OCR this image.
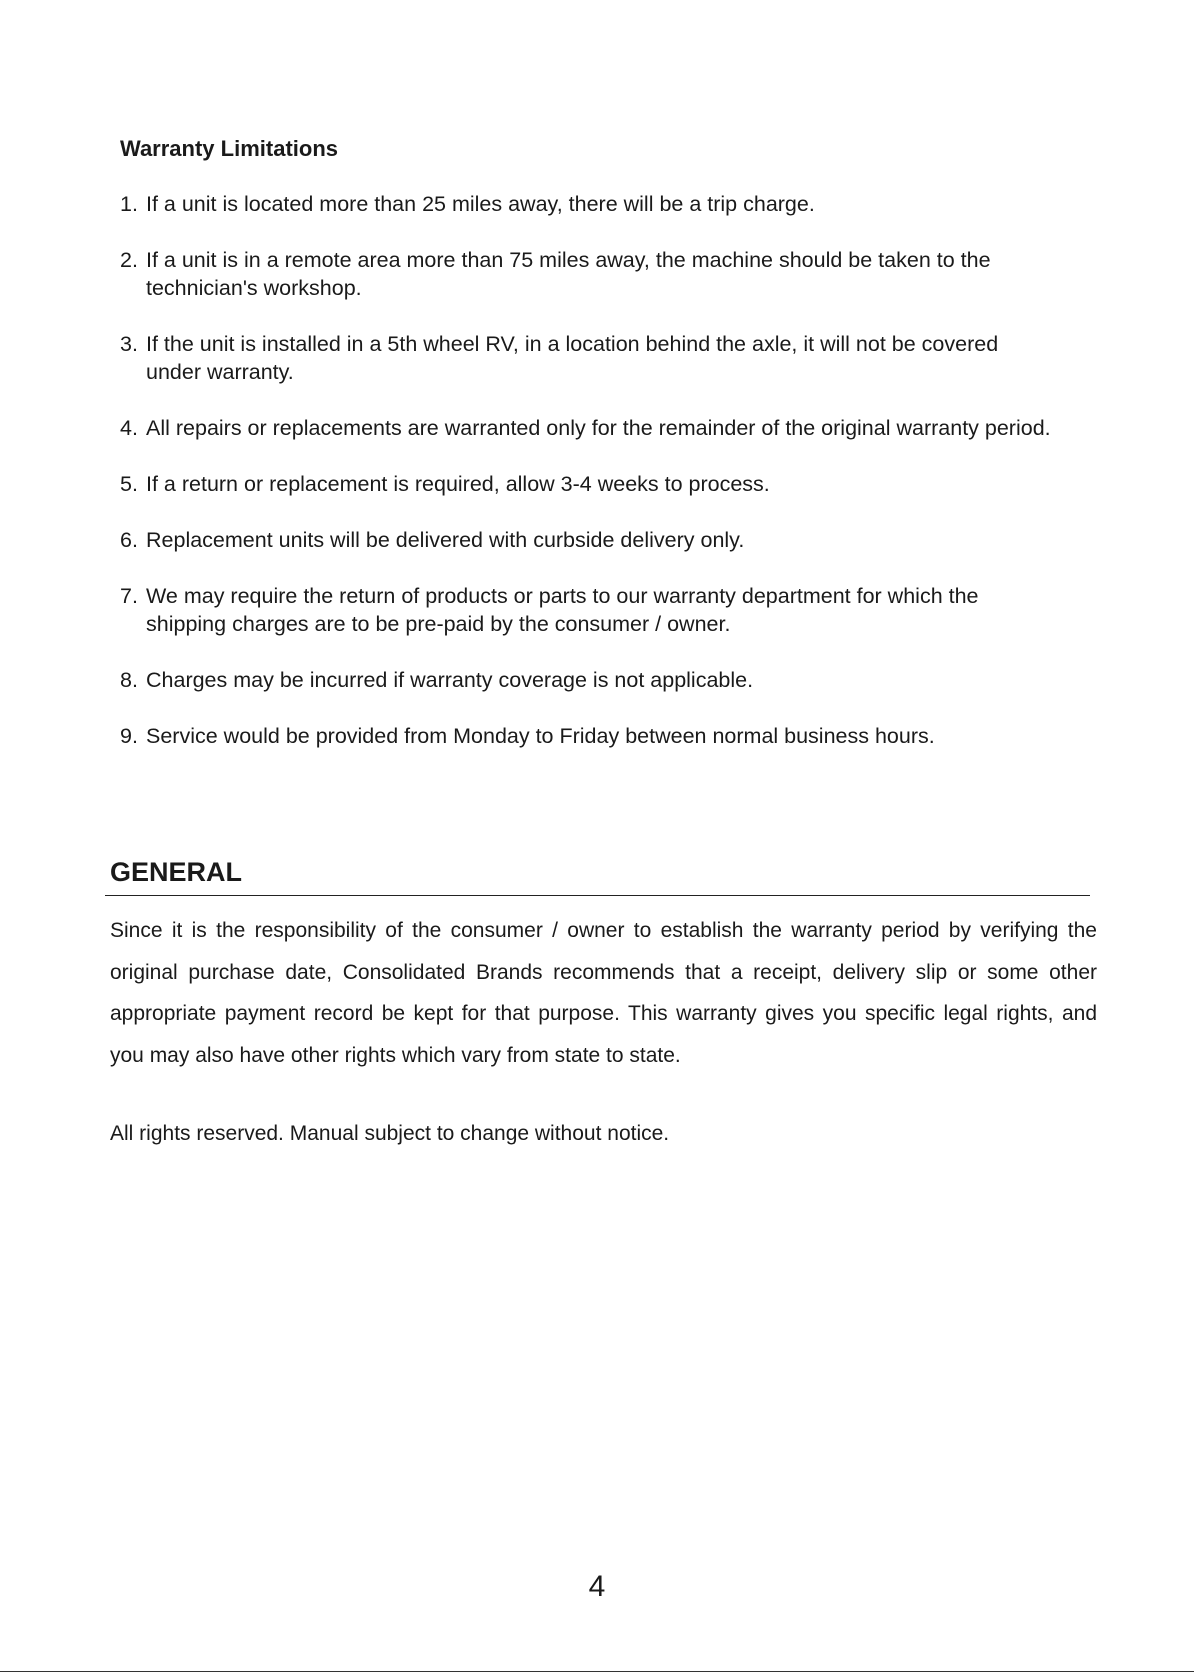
Warranty Limitations
1. If a unit is located more than 25 miles away, there will be a trip charge.
2. If a unit is in a remote area more than 75 miles away, the machine should be taken to the
technician's workshop.
3. If the unit is installed in a 5th wheel RV, in a location behind the axle, it will not be covered
under warranty.
4. All repairs or replacements are warranted only for the remainder of the original warranty period.
5. If a return or replacement is required, allow 3-4 weeks to process.
6. Replacement units will be delivered with curbside delivery only.
7. We may require the return of products or parts to our warranty department for which the
shipping charges are to be pre-paid by the consumer / owner.
8. Charges may be incurred if warranty coverage is not applicable.
9. Service would be provided from Monday to Friday between normal business hours.
GENERAL

Since it is the responsibility of the consumer / owner to establish the warranty period by verifying the original purchase date, Consolidated Brands recommends that a receipt, delivery slip or some other appropriate payment record be kept for that purpose. This warranty gives you specific legal rights, and you may also have other rights which vary from state to state.

All rights reserved. Manual subject to change without notice.

4
